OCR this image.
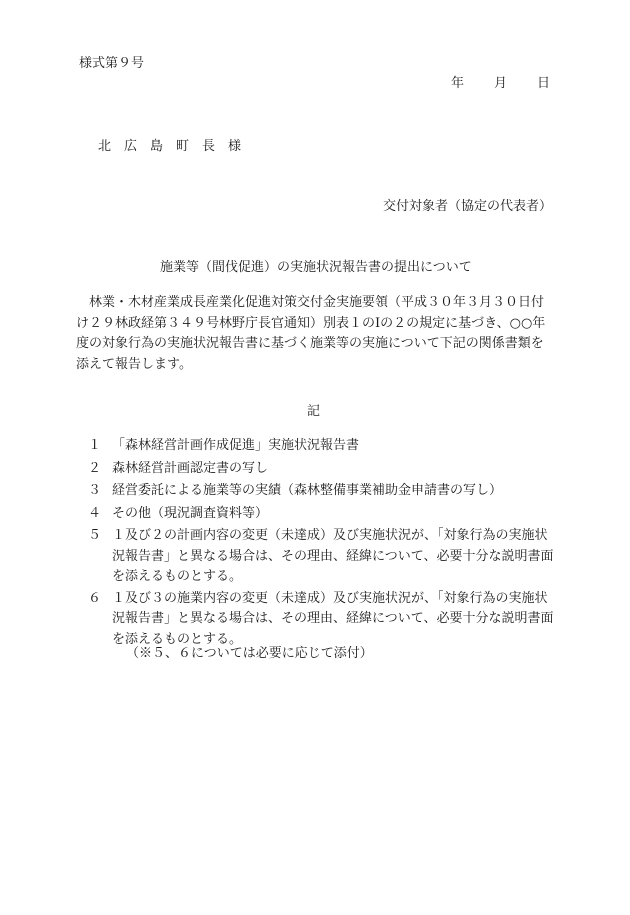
様式第９号
年 月 日
北広島町長様
交付対象者（協定の代表者）
施業等（間伐促進）の実施状況報告書の提出について
林業・木材産業成長産業化促進対策交付金実施要領（平成３０年３月３０日付け２９林政経第３４９号林野庁長官通知）別表１のⅠの２の規定に基づき、○○年度の対象行為の実施状況報告書に基づく施業等の実施について下記の関係書類を添えて報告します。
記
１ 「森林経営計画作成促進」実施状況報告書
２ 森林経営計画認定書の写し
３ 経営委託による施業等の実績（森林整備事業補助金申請書の写し）
４ その他（現況調査資料等）
５ １及び２の計画内容の変更（未達成）及び実施状況が、「対象行為の実施状況報告書」と異なる場合は、その理由、経緯について、必要十分な説明書面を添えるものとする。
６ １及び３の施業内容の変更（未達成）及び実施状況が、「対象行為の実施状況報告書」と異なる場合は、その理由、経緯について、必要十分な説明書面を添えるものとする。
（※５、６については必要に応じて添付）
